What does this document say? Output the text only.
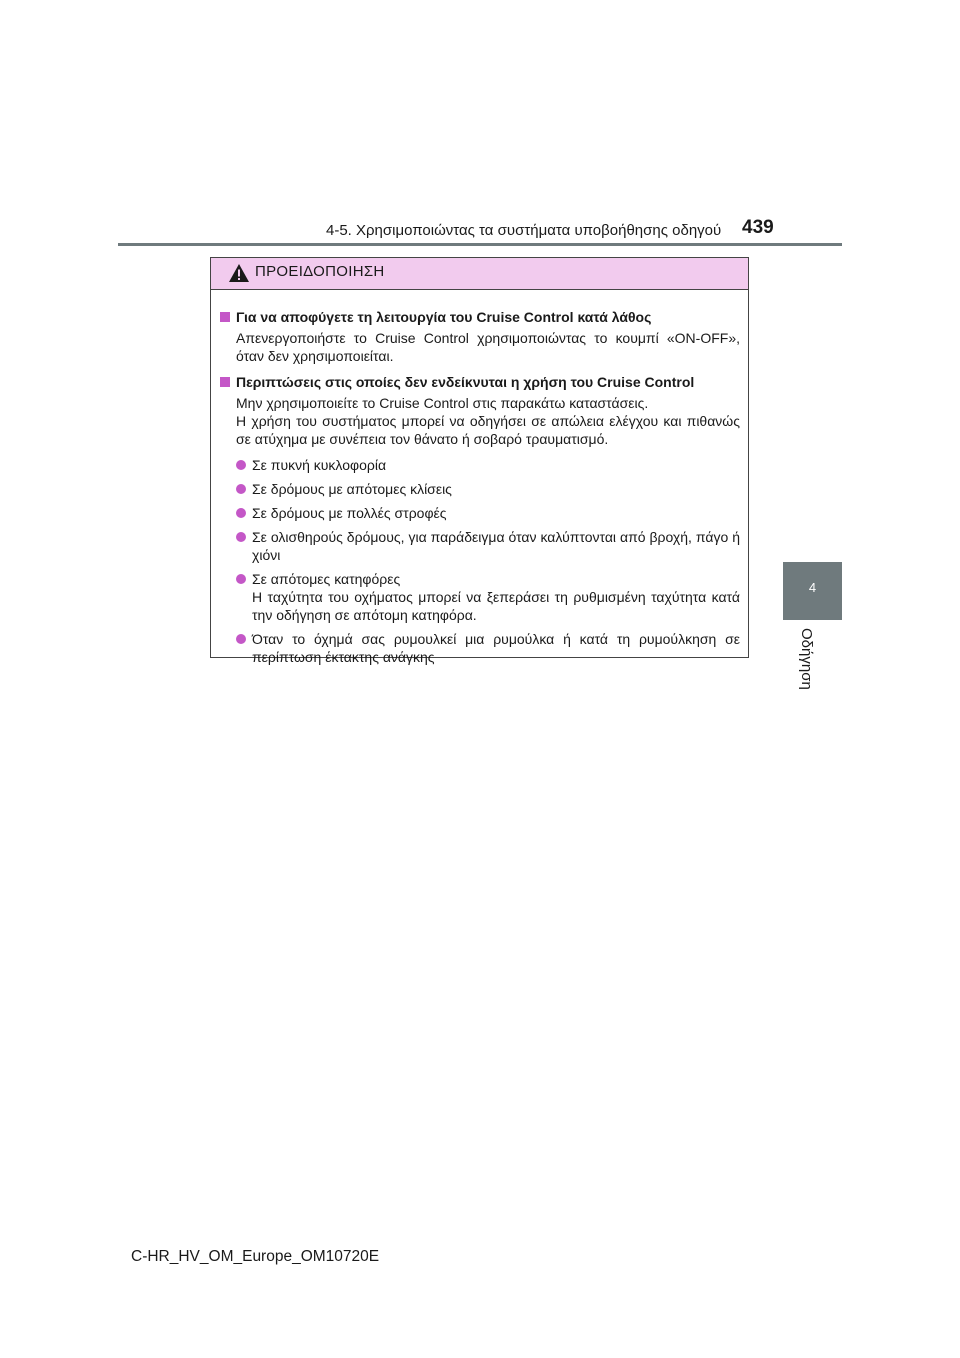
4-5. Χρησιμοποιώντας τα συστήματα υποβοήθησης οδηγού 439
4
Οδήγηση
ΠΡΟΕΙΔΟΠΟΙΗΣΗ
Για να αποφύγετε τη λειτουργία του Cruise Control κατά λάθος
Απενεργοποιήστε το Cruise Control χρησιμοποιώντας το κουμπί «ON-OFF», όταν δεν χρησιμοποιείται.
Περιπτώσεις στις οποίες δεν ενδείκνυται η χρήση του Cruise Control
Μην χρησιμοποιείτε το Cruise Control στις παρακάτω καταστάσεις.
Η χρήση του συστήματος μπορεί να οδηγήσει σε απώλεια ελέγχου και πιθανώς σε ατύχημα με συνέπεια τον θάνατο ή σοβαρό τραυματισμό.
Σε πυκνή κυκλοφορία
Σε δρόμους με απότομες κλίσεις
Σε δρόμους με πολλές στροφές
Σε ολισθηρούς δρόμους, για παράδειγμα όταν καλύπτονται από βροχή, πάγο ή χιόνι
Σε απότομες κατηφόρες
Η ταχύτητα του οχήματος μπορεί να ξεπεράσει τη ρυθμισμένη ταχύτητα κατά την οδήγηση σε απότομη κατηφόρα.
Όταν το όχημά σας ρυμουλκεί μια ρυμούλκα ή κατά τη ρυμούλκηση σε περίπτωση έκτακτης ανάγκης
C-HR_HV_OM_Europe_OM10720E
